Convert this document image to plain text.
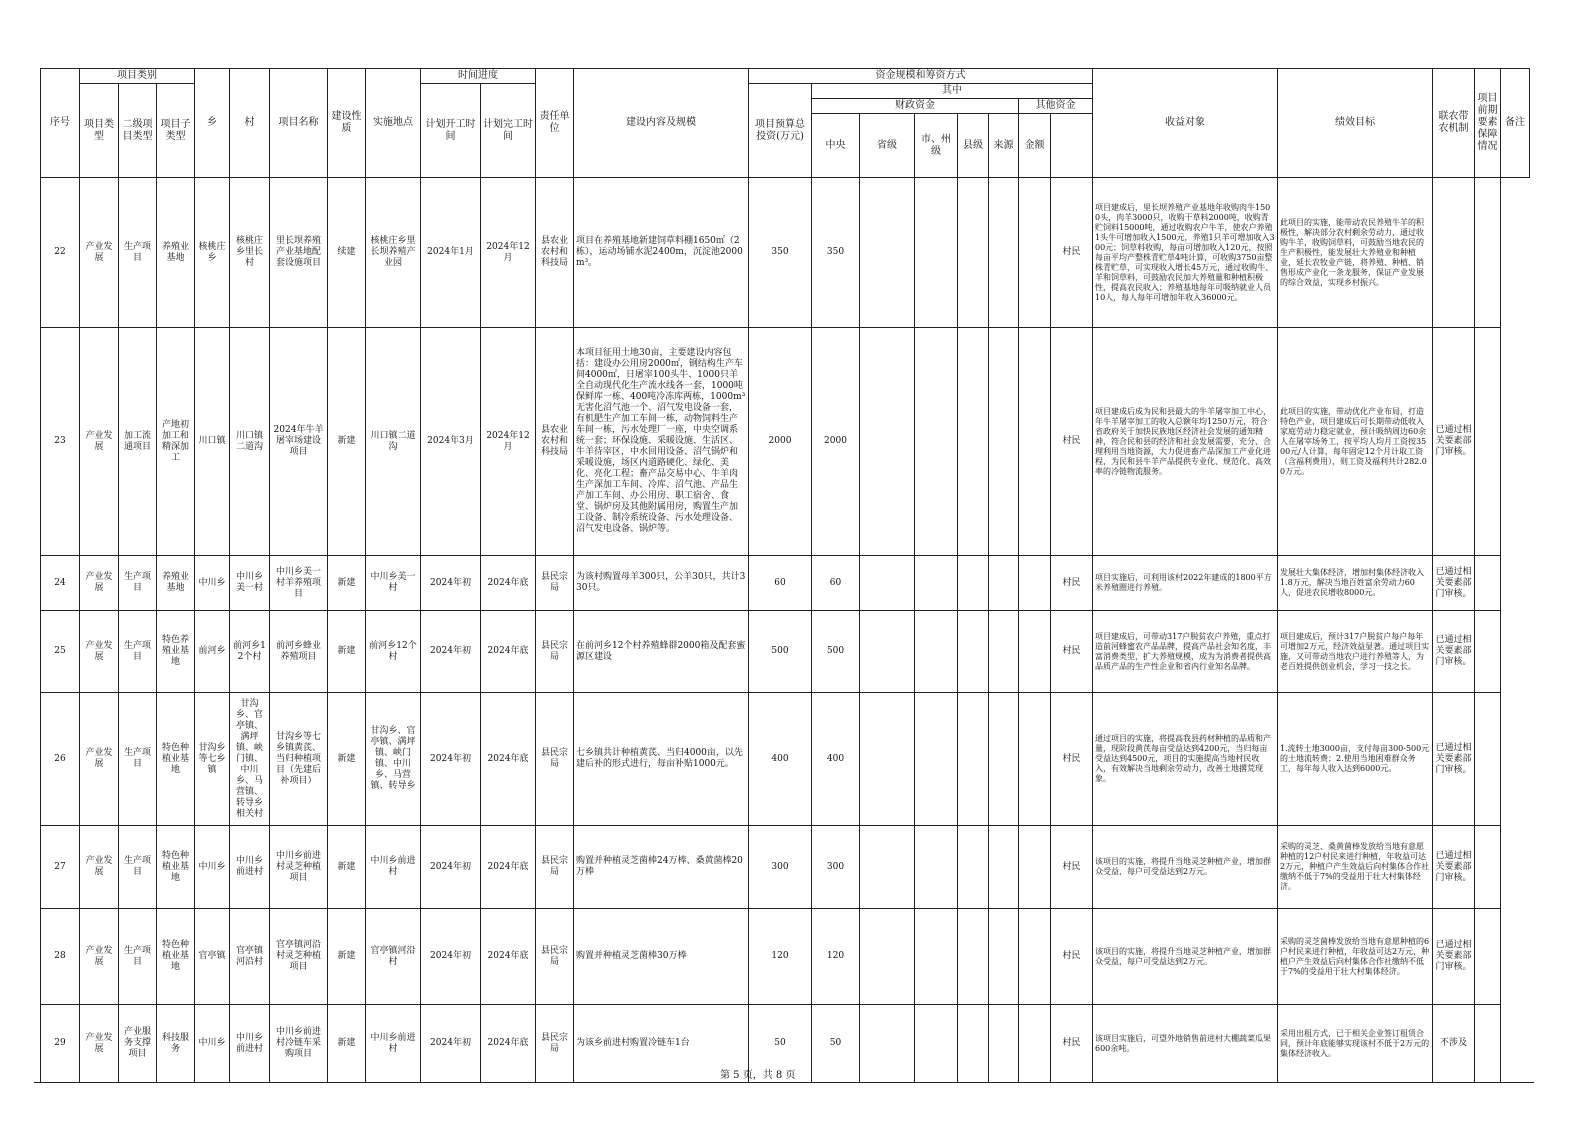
序号	项目类别			乡	村	项目名称	建设性质	实施地点	时间进度		责任单位	建设内容及规模	资金规模和筹资方式								收益对象	绩效目标	联农带农机制	项目前期要素保障情况	备注
	项目类型	二级项目类型	项目子类型						计划开工时间	计划完工时间			项目预算总投资(万元)	其中											
														财政资金					其他资金						
														中央	省级	市、州级	县级	来源	金额						
22	产业发展	生产项目	养殖业基地	核桃庄乡	核桃庄乡里长村	里长坝养殖产业基地配套设施项目	续建	核桃庄乡里长坝养殖产业园	2024年1月	2024年12月	县农业农村和科技局	项目在养殖基地新建饲草料棚1650㎡（2栋），运动场铺水泥2400m，沉淀池2000m³。	350	350						村民	项目建成后，里长坝养殖产业基地年收购肉牛1500头，肉羊3000只，收购干草料2000吨，收购青贮饲料15000吨，通过收购农户牛羊，使农户养殖1头牛可增加收入1500元，养殖1只羊可增加收入300元；饲草料收购，每亩可增加收入120元，按照每亩平均产整株青贮草4吨计算，可收购3750亩整株青贮草，可实现收入增长45万元，通过收购牛、羊和饲草料，可鼓励农民加大养殖量和种植积极性，提高农民收入；养殖基地每年可吸纳就业人员10人，每人每年可增加年收入36000元。	此项目的实施，能带动农民养殖牛羊的积极性，解决部分农村剩余劳动力，通过收购牛羊，收购饲草料，可鼓励当地农民的生产积极性，能发展壮大养殖业和种植业，延长农牧业产链，将养殖、种植、销售形成产业化一条龙服务，保证产业发展的综合效益，实现乡村振兴。			
23	产业发展	加工流通项目	产地初加工和精深加工	川口镇	川口镇二道沟	2024年牛羊屠宰场建设项目	新建	川口镇二道沟	2024年3月	2024年12月	县农业农村和科技局	本项目征用土地30亩，主要建设内容包括：建设办公用房2000㎡，钢结构生产车间4000㎡，日屠宰100头牛、1000只羊全自动现代化生产流水线各一套，1000吨保鲜库一栋、400吨冷冻库两栋，1000m³无害化沼气池一个、沼气发电设备一套，有机肥生产加工车间一栋，动物饲料生产车间一栋，污水处理厂一座，中央空调系统一套；环保设施、采暖设施、生活区、牛羊待宰区，中水回用设备、沼气锅炉和采暖设施，场区内道路硬化、绿化、美化、亮化工程；畜产品交易中心、牛羊肉生产深加工车间、冷库、沼气池、产品生产加工车间、办公用房、职工宿舍、食堂、锅炉房及其他附属用房，购置生产加工设备、制冷系统设备、污水处理设备、沼气发电设备、锅炉等。	2000	2000						村民	项目建成后成为民和县最大的牛羊屠宰加工中心，年牛羊屠宰加工的收入总额年均1250万元，符合省政府关于加快民族地区经济社会发展的通知精神，符合民和县的经济和社会发展需要，充分、合理利用当地资源，大力促进畜产品深加工产业化进程，为民和县牛羊产品提供专业化、规范化、高效率的冷链物流服务。	此项目的实施，带动优化产业布局，打造特色产业，项目建成后可长期带动低收入家庭劳动力稳定就业，预计吸纳周边60余人在屠宰场务工，按平均人均月工资按3500元/人计算，每年固定12个月计取工资（含福利费用），则工资及福利共计282.00万元。	已通过相关要素部门审核。		
24	产业发展	生产项目	养殖业基地	中川乡	中川乡美一村	中川乡美一村羊养殖项目	新建	中川乡美一村	2024年初	2024年底	县民宗局	为该村购置母羊300只，公羊30只，共计330只。	60	60						村民	项目实施后，可利用该村2022年建成的1800平方米养殖圈进行养殖。	发展壮大集体经济，增加村集体经济收入1.8万元，解决当地百姓富余劳动力60人，促进农民增收8000元。	已通过相关要素部门审核。		
25	产业发展	生产项目	特色养殖业基地	前河乡	前河乡12个村	前河乡蜂业养殖项目	新建	前河乡12个村	2024年初	2024年底	县民宗局	在前河乡12个村养殖蜂群2000箱及配套蜜源区建设	500	500						村民	项目建成后，可带动317户脱贫农户养殖，重点打造前河蜂蜜农产品品牌，提高产品社会知名度，丰富消费类型，扩大养殖规模，成为为消费者提供高品质产品的生产性企业和省内行业知名品牌。	项目建成后，预计317户脱贫户每户每年可增加2万元，经济效益显著。通过项目实施，又可带动当地农户进行养殖等人，为老百姓提供创业机会，学习一技之长。	已通过相关要素部门审核。		
26	产业发展	生产项目	特色种植业基地	甘沟乡等七乡镇	甘沟乡、官亭镇、满坪镇、峡门镇、中川乡、马营镇、转导乡相关村	甘沟乡等七乡镇黄芪、当归种植项目（先建后补项目）	新建	甘沟乡、官亭镇、满坪镇、峡门镇、中川乡、马营镇、转导乡	2024年初	2024年底	县民宗局	七乡镇共计种植黄芪、当归4000亩，以先建后补的形式进行，每亩补贴1000元。	400	400						村民	通过项目的实施，将提高我县药材种植的品质和产量，现阶段黄芪每亩受益达到4200元，当归每亩受益达到4500元，项目的实施提高当地村民收入，有效解决当地剩余劳动力，改善土地撂荒现象。	1.流转土地3000亩，支付每亩300-500元的土地流转费；2.使用当地困难群众务工，每年每人收入达到6000元。	已通过相关要素部门审核。		
27	产业发展	生产项目	特色种植业基地	中川乡	中川乡前进村	中川乡前进村灵芝种植项目	新建	中川乡前进村	2024年初	2024年底	县民宗局	购置并种植灵芝菌棒24万棒、桑黄菌棒20万棒	300	300						村民	该项目的实施，将提升当地灵芝种植产业，增加群众受益，每户可受益达到2万元。	采购的灵芝、桑黄菌棒发放给当地有意愿种植的12户村民来进行种植，年收益可达2万元，种植户产生效益后向村集体合作社缴纳不低于7%的受益用于壮大村集体经济。	已通过相关要素部门审核。		
28	产业发展	生产项目	特色种植业基地	官亭镇	官亭镇河沿村	官亭镇河沿村灵芝种植项目	新建	官亭镇河沿村	2024年初	2024年底	县民宗局	购置并种植灵芝菌棒30万棒	120	120						村民	该项目的实施，将提升当地灵芝种植产业，增加群众受益，每户可受益达到2万元。	采购的灵芝菌棒发放给当地有意愿种植的6户村民来进行种植，年收益可达2万元，种植户产生效益后向村集体合作社缴纳不低于7%的受益用于壮大村集体经济。	已通过相关要素部门审核。		
29	产业发展	产业服务支撑项目	科技服务	中川乡	中川乡前进村	中川乡前进村冷链车采购项目	新建	中川乡前进村	2024年初	2024年底	县民宗局	为该乡前进村购置冷链车1台	50	50						村民	该项目实施后，可望外地销售前进村大棚蔬菜瓜果600余吨。	采用出租方式，已于相关企业签订租赁合同，预计年底能够实现该村不低于2万元的集体经济收入。	不涉及		
第 5 页，共 8 页
